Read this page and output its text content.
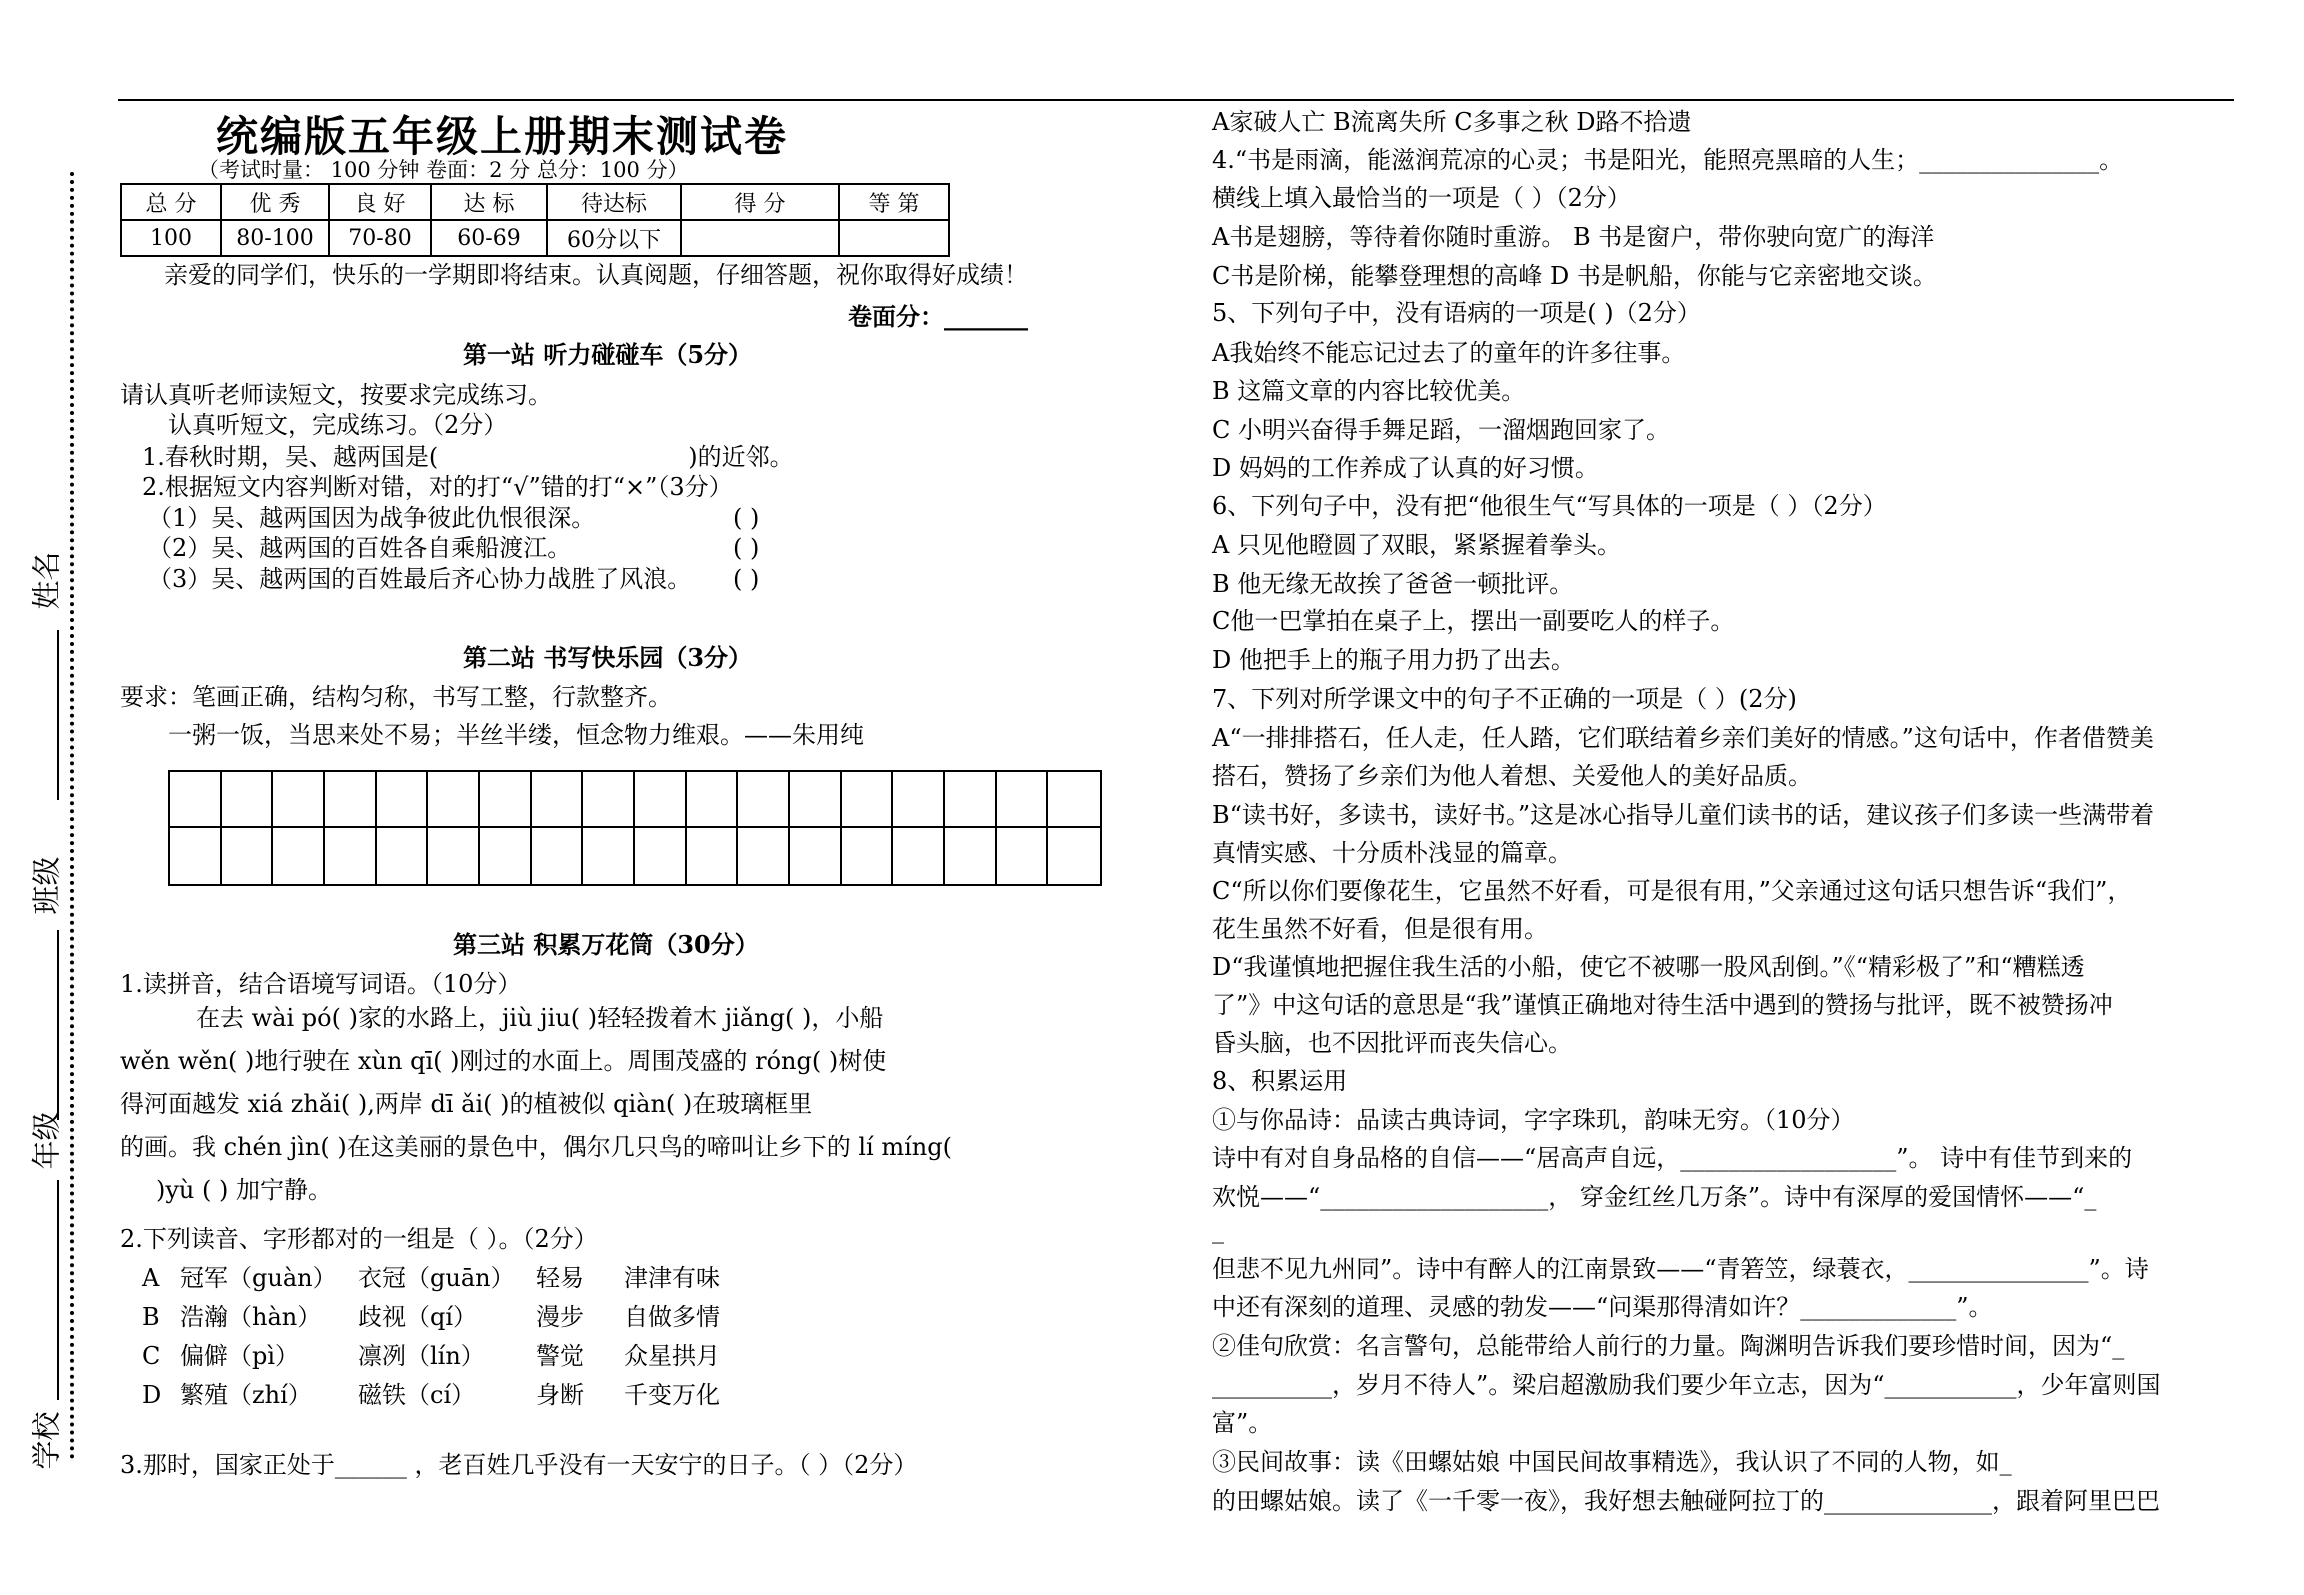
姓名
班级
年级
学校
统编版五年级上册期末测试卷
（考试时量： 100 分钟 卷面：2 分 总分：100 分）
总 分	优 秀	良 好	达 标	待达标	得 分	等 第
100	80-100	70-80	60-69	60分以下		
亲爱的同学们，快乐的一学期即将结束。认真阅题，仔细答题，祝你取得好成绩！
卷面分：_______
第一站 听力碰碰车（5分）
请认真听老师读短文，按要求完成练习。
认真听短文，完成练习。（2分）
1.春秋时期，吴、越两国是(	)的近邻。
2.根据短文内容判断对错，对的打“√”错的打“×”（3分）
（1）吴、越两国因为战争彼此仇恨很深。	( )
（2）吴、越两国的百姓各自乘船渡江。	( )
（3）吴、越两国的百姓最后齐心协力战胜了风浪。 ( )
第二站 书写快乐园（3分）
要求：笔画正确，结构匀称，书写工整，行款整齐。
一粥一饭，当思来处不易；半丝半缕，恒念物力维艰。——朱用纯
第三站 积累万花筒（30分）
1.读拼音，结合语境写词语。（10分）
在去 wài pó( )家的水路上，jiù jiu( )轻轻拨着木 jiǎng( )，小船
wěn wěn( )地行驶在 xùn qī( )刚过的水面上。周围茂盛的 róng( )树使
得河面越发 xiá zhǎi( ),两岸 dī ǎi( )的植被似 qiàn( )在玻璃框里
的画。我 chén jìn( )在这美丽的景色中，偶尔几只鸟的啼叫让乡下的 lí míng(
)yù ( ) 加宁静。
2.下列读音、字形都对的一组是（ ）。（2分）
A 冠军（guàn） 衣冠（guān） 轻易 津津有味
B 浩瀚（hàn） 歧视（qí） 漫步 自做多情
C 偏僻（pì） 凛冽（lín） 警觉 众星拱月
D 繁殖（zhí） 磁铁（cí）	身断 千变万化
3.那时，国家正处于______ ，老百姓几乎没有一天安宁的日子。（ ）（2分）
A家破人亡 B流离失所 C多事之秋 D路不拾遗
4.“书是雨滴，能滋润荒凉的心灵；书是阳光，能照亮黑暗的人生；_______________。
横线上填入最恰当的一项是（ ）（2分）
A书是翅膀，等待着你随时重游。 B 书是窗户，带你驶向宽广的海洋
C书是阶梯，能攀登理想的高峰 D 书是帆船，你能与它亲密地交谈。
5、下列句子中，没有语病的一项是( )（2分）
A我始终不能忘记过去了的童年的许多往事。
B 这篇文章的内容比较优美。
C 小明兴奋得手舞足蹈，一溜烟跑回家了。
D 妈妈的工作养成了认真的好习惯。
6、下列句子中，没有把“他很生气“写具体的一项是（ ）（2分）
A 只见他瞪圆了双眼，紧紧握着拳头。
B 他无缘无故挨了爸爸一顿批评。
C他一巴掌拍在桌子上，摆出一副要吃人的样子。
D 他把手上的瓶子用力扔了出去。
7、下列对所学课文中的句子不正确的一项是（ ）(2分)
A“一排排搭石，任人走，任人踏，它们联结着乡亲们美好的情感。”这句话中，作者借赞美
搭石，赞扬了乡亲们为他人着想、关爱他人的美好品质。
B“读书好，多读书，读好书。”这是冰心指导儿童们读书的话，建议孩子们多读一些满带着
真情实感、十分质朴浅显的篇章。
C“所以你们要像花生，它虽然不好看，可是很有用，”父亲通过这句话只想告诉“我们”，
花生虽然不好看，但是很有用。
D“我谨慎地把握住我生活的小船，使它不被哪一股风刮倒。”《“精彩极了”和“糟糕透
了”》中这句话的意思是“我”谨慎正确地对待生活中遇到的赞扬与批评，既不被赞扬冲
昏头脑，也不因批评而丧失信心。
8、积累运用
①与你品诗：品读古典诗词，字字珠玑，韵味无穷。（10分）
诗中有对自身品格的自信——“居高声自远，__________________”。 诗中有佳节到来的
欢悦——“___________________， 穿金红丝几万条”。诗中有深厚的爱国情怀——“_
_
但悲不见九州同”。诗中有醉人的江南景致——“青箬笠，绿蓑衣，_______________”。诗
中还有深刻的道理、灵感的勃发——“问渠那得清如许？_____________”。
②佳句欣赏：名言警句，总能带给人前行的力量。陶渊明告诉我们要珍惜时间，因为“_
__________，岁月不待人”。梁启超激励我们要少年立志，因为“___________，少年富则国
富”。
③民间故事：读《田螺姑娘 中国民间故事精选》，我认识了不同的人物，如_
的田螺姑娘。读了《一千零一夜》，我好想去触碰阿拉丁的______________，跟着阿里巴巴
